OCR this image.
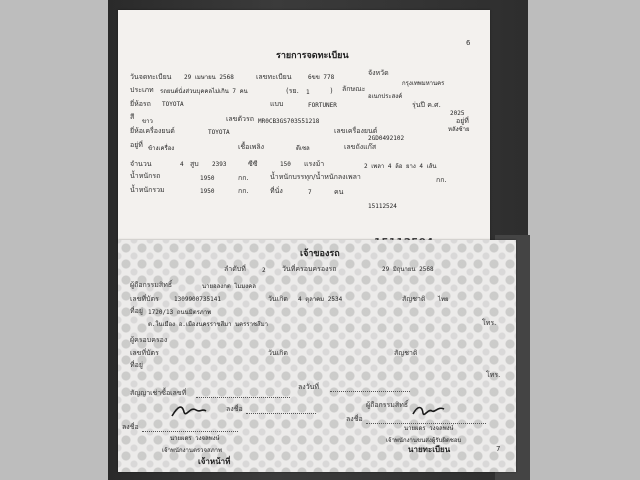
6
รายการจดทะเบียน
วันจดทะเบียน 29 เมษายน 2568	เลขทะเบียน	6ขข 778
จังหวัด
กรุงเทพมหานคร
ประเภท รถยนต์นั่งส่วนบุคคลไม่เกิน 7 คน	(รย. 1	) ลักษณะ
อเนกประสงค์
ยี่ห้อรถ TOYOTA	แบบ	FORTUNER	รุ่นปี ค.ศ.
2025
สี
ขาว	เลขตัวรถ MR0CB3GS703551218	อยู่ที่
หลังซ้าย
ยี่ห้อเครื่องยนต์	TOYOTA	เลขเครื่องยนต์
2GD0492102
อยู่ที่ ข้างเครื่อง	เชื้อเพลิง	ดีเซล	เลขถังแก๊ส
จำนวน	4 สูบ 2393	ซีซี	150 แรงม้า	2 เพลา 4 ล้อ ยาง 4 เส้น
น้ำหนักรถ	1950	กก.	น้ำหนักบรรทุก/น้ำหนักลงเพลา	กก.
น้ำหนักรวม	1950	กก.	ที่นั่ง	7	คน
15112524
เจ้าของรถ
ลำดับที่	2 วันที่ครอบครองรถ	29 มิถุนายน 2568
ผู้ถือกรรมสิทธิ์	นายอลงกต ไมมงคล
เลขที่บัตร	1309900735141	วันเกิด 4 ตุลาคม 2534	สัญชาติ ไทย
ที่อยู่ 1720/13 ถนนมิตรภาพ
ต.ในเมือง อ.เมืองนครราชสีมา นครราชสีมา	โทร.
ผู้ครอบครอง
เลขที่บัตร	วันเกิด	สัญชาติ
ที่อยู่
โทร.
สัญญาเช่าซื้อเลขที่
ลงวันที่
ผู้ถือกรรมสิทธิ์
ลงชื่อ
ลงชื่อ
นายผดร วงจลพงษ์
เจ้าพนักงานตรวจสภาพ
เจ้าหน้าที่
ลงชื่อ
นายผดร วงจลพงษ์
เจ้าพนักงานขนส่งผู้รับผิดชอบ
นายทะเบียน	7
